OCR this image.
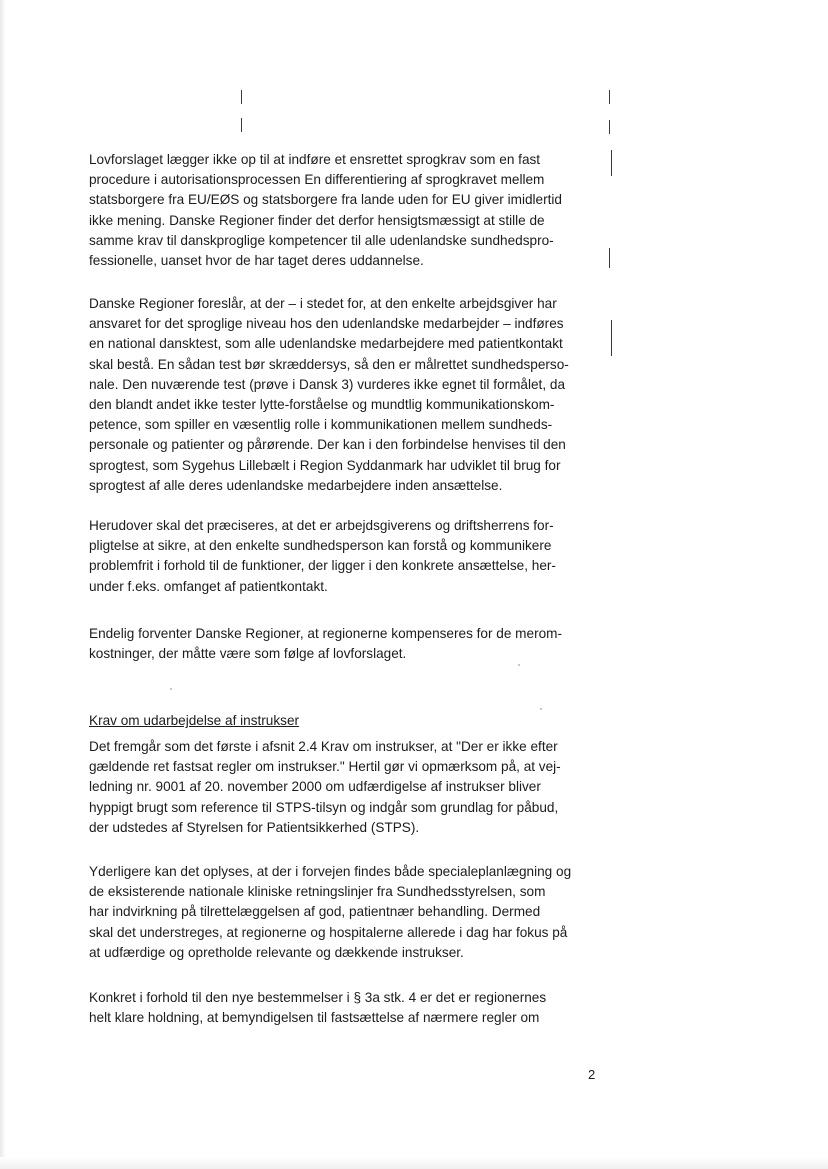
Lovforslaget lægger ikke op til at indføre et ensrettet sprogkrav som en fast
procedure i autorisationsprocessen En differentiering af sprogkravet mellem
statsborgere fra EU/EØS og statsborgere fra lande uden for EU giver imidlertid
ikke mening. Danske Regioner finder det derfor hensigtsmæssigt at stille de
samme krav til danskproglige kompetencer til alle udenlandske sundhedspro-
fessionelle, uanset hvor de har taget deres uddannelse.
Danske Regioner foreslår, at der – i stedet for, at den enkelte arbejdsgiver har
ansvaret for det sproglige niveau hos den udenlandske medarbejder – indføres
en national dansktest, som alle udenlandske medarbejdere med patientkontakt
skal bestå. En sådan test bør skræddersys, så den er målrettet sundhedsperso-
nale. Den nuværende test (prøve i Dansk 3) vurderes ikke egnet til formålet, da
den blandt andet ikke tester lytte-forståelse og mundtlig kommunikationskom-
petence, som spiller en væsentlig rolle i kommunikationen mellem sundheds-
personale og patienter og pårørende. Der kan i den forbindelse henvises til den
sprogtest, som Sygehus Lillebælt i Region Syddanmark har udviklet til brug for
sprogtest af alle deres udenlandske medarbejdere inden ansættelse.
Herudover skal det præciseres, at det er arbejdsgiverens og driftsherrens for-
pligtelse at sikre, at den enkelte sundhedsperson kan forstå og kommunikere
problemfrit i forhold til de funktioner, der ligger i den konkrete ansættelse, her-
under f.eks. omfanget af patientkontakt.
Endelig forventer Danske Regioner, at regionerne kompenseres for de merom-
kostninger, der måtte være som følge af lovforslaget.
Krav om udarbejdelse af instrukser
Det fremgår som det første i afsnit 2.4 Krav om instrukser, at "Der er ikke efter
gældende ret fastsat regler om instrukser." Hertil gør vi opmærksom på, at vej-
ledning nr. 9001 af 20. november 2000 om udfærdigelse af instrukser bliver
hyppigt brugt som reference til STPS-tilsyn og indgår som grundlag for påbud,
der udstedes af Styrelsen for Patientsikkerhed (STPS).
Yderligere kan det oplyses, at der i forvejen findes både specialeplanlægning og
de eksisterende nationale kliniske retningslinjer fra Sundhedsstyrelsen, som
har indvirkning på tilrettelæggelsen af god, patientnær behandling. Dermed
skal det understreges, at regionerne og hospitalerne allerede i dag har fokus på
at udfærdige og opretholde relevante og dækkende instrukser.
Konkret i forhold til den nye bestemmelser i § 3a stk. 4 er det er regionernes
helt klare holdning, at bemyndigelsen til fastsættelse af nærmere regler om
2
